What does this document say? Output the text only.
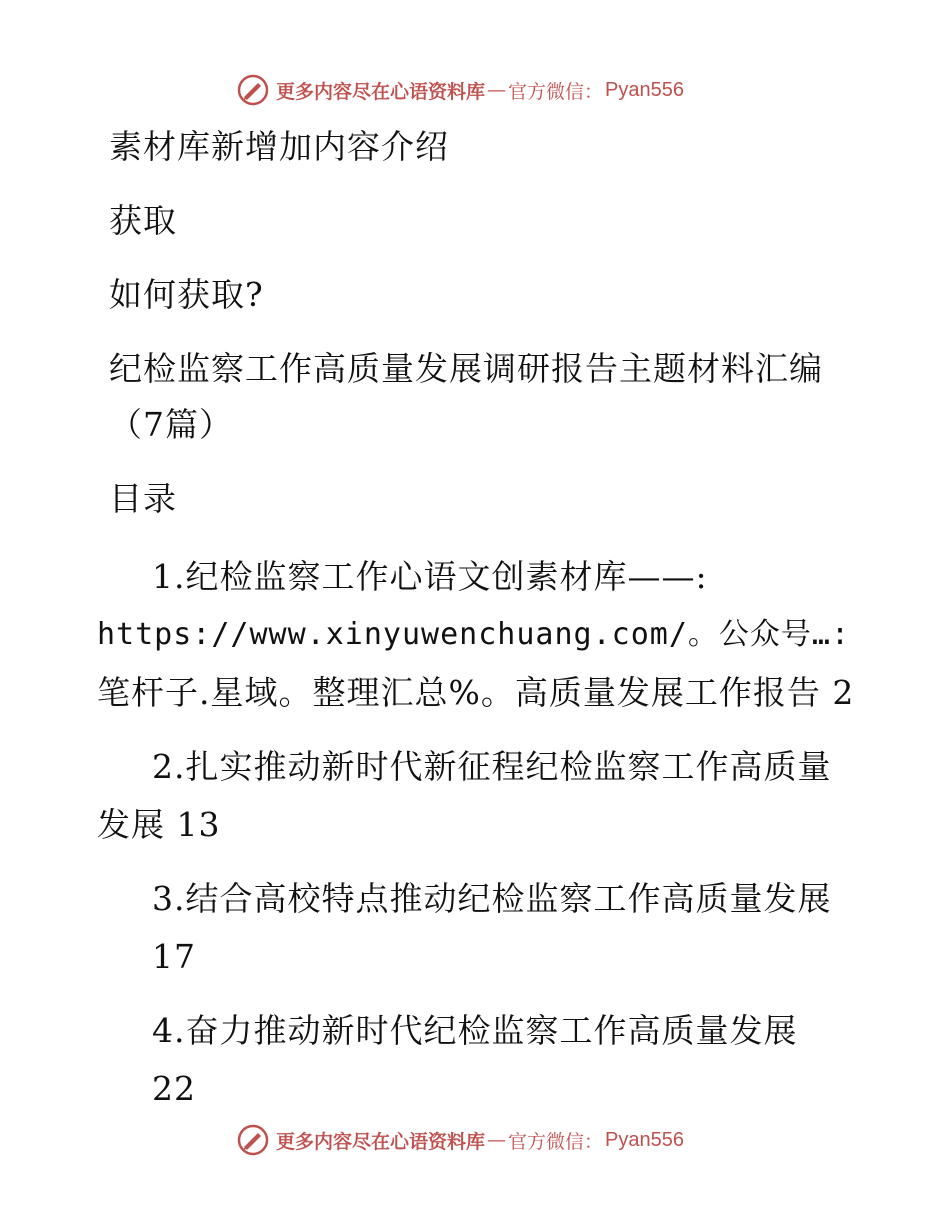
更多内容尽在心语资料库 — 官方微信： Pyan556
素材库新增加内容介绍
获取
如何获取?
纪检监察工作高质量发展调研报告主题材料汇编
（7篇）
目录
1.纪检监察工作心语文创素材库——:
https://www.xinyuwenchuang.com/。公众号…:
笔杆子.星域。整理汇总%。高质量发展工作报告 2
2.扎实推动新时代新征程纪检监察工作高质量
发展 13
3.结合高校特点推动纪检监察工作高质量发展
17
4.奋力推动新时代纪检监察工作高质量发展
22
更多内容尽在心语资料库 — 官方微信： Pyan556
